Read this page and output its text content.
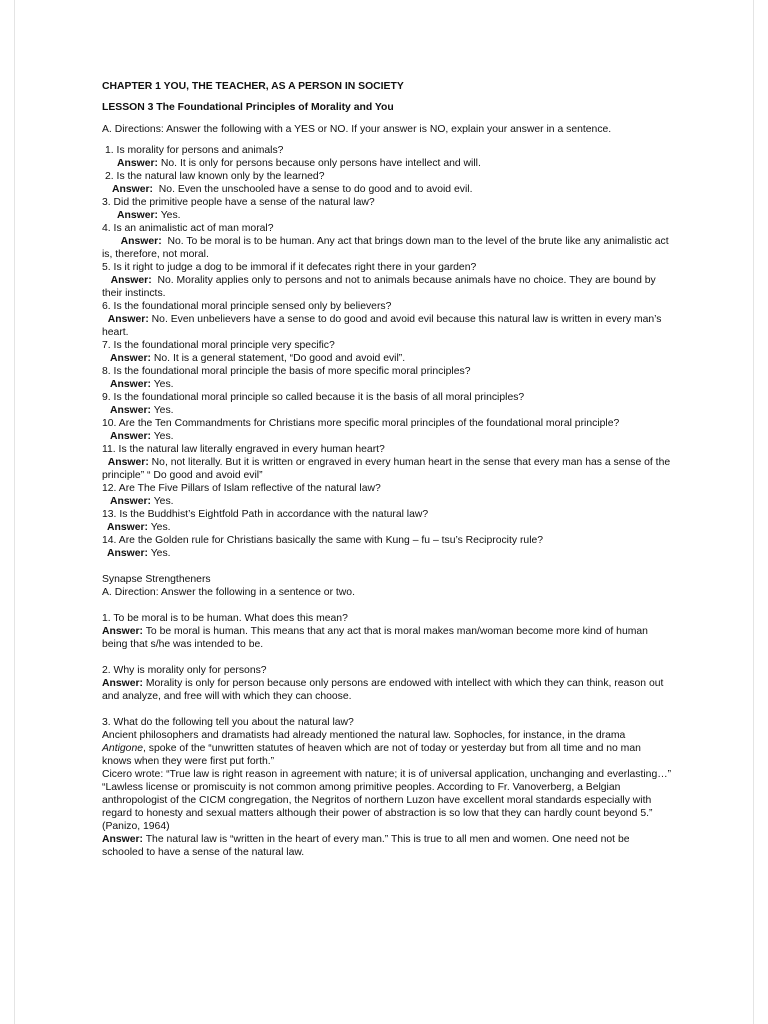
CHAPTER 1 YOU, THE TEACHER, AS A PERSON IN SOCIETY

LESSON 3 The Foundational Principles of Morality and You

A. Directions: Answer the following with a YES or NO. If your answer is NO, explain your answer in a sentence.

1. Is morality for persons and animals?

Answer: No. It is only for persons because only persons have intellect and will.

2. Is the natural law known only by the learned?

Answer: No. Even the unschooled have a sense to do good and to avoid evil.

3. Did the primitive people have a sense of the natural law?

Answer: Yes.

4. Is an animalistic act of man moral?

Answer: No. To be moral is to be human. Any act that brings down man to the level of the brute like any animalistic act is, therefore, not moral.

5. Is it right to judge a dog to be immoral if it defecates right there in your garden?

Answer: No. Morality applies only to persons and not to animals because animals have no choice. They are bound by their instincts.

6. Is the foundational moral principle sensed only by believers?

Answer: No. Even unbelievers have a sense to do good and avoid evil because this natural law is written in every man’s heart.

7. Is the foundational moral principle very specific?

Answer: No. It is a general statement, “Do good and avoid evil”.

8. Is the foundational moral principle the basis of more specific moral principles?

Answer: Yes.

9. Is the foundational moral principle so called because it is the basis of all moral principles?

Answer: Yes.

10. Are the Ten Commandments for Christians more specific moral principles of the foundational moral principle?

Answer: Yes.

11. Is the natural law literally engraved in every human heart?

Answer: No, not literally. But it is written or engraved in every human heart in the sense that every man has a sense of the principle” “ Do good and avoid evil”

12. Are The Five Pillars of Islam reflective of the natural law?

Answer: Yes.

13. Is the Buddhist’s Eightfold Path in accordance with the natural law?

Answer: Yes.

14. Are the Golden rule for Christians basically the same with Kung – fu – tsu’s Reciprocity rule?

Answer: Yes.

Synapse Strengtheners

A. Direction: Answer the following in a sentence or two.

1. To be moral is to be human. What does this mean?

Answer: To be moral is human. This means that any act that is moral makes man/woman become more kind of human being that s/he was intended to be.

2. Why is morality only for persons?

Answer: Morality is only for person because only persons are endowed with intellect with which they can think, reason out and analyze, and free will with which they can choose.

3. What do the following tell you about the natural law?

Ancient philosophers and dramatists had already mentioned the natural law. Sophocles, for instance, in the drama Antigone, spoke of the “unwritten statutes of heaven which are not of today or yesterday but from all time and no man knows when they were first put forth.”

Cicero wrote: “True law is right reason in agreement with nature; it is of universal application, unchanging and everlasting…”

“Lawless license or promiscuity is not common among primitive peoples. According to Fr. Vanoverberg, a Belgian anthropologist of the CICM congregation, the Negritos of northern Luzon have excellent moral standards especially with regard to honesty and sexual matters although their power of abstraction is so low that they can hardly count beyond 5.” (Panizo, 1964)

Answer: The natural law is “written in the heart of every man.” This is true to all men and women. One need not be schooled to have a sense of the natural law.
